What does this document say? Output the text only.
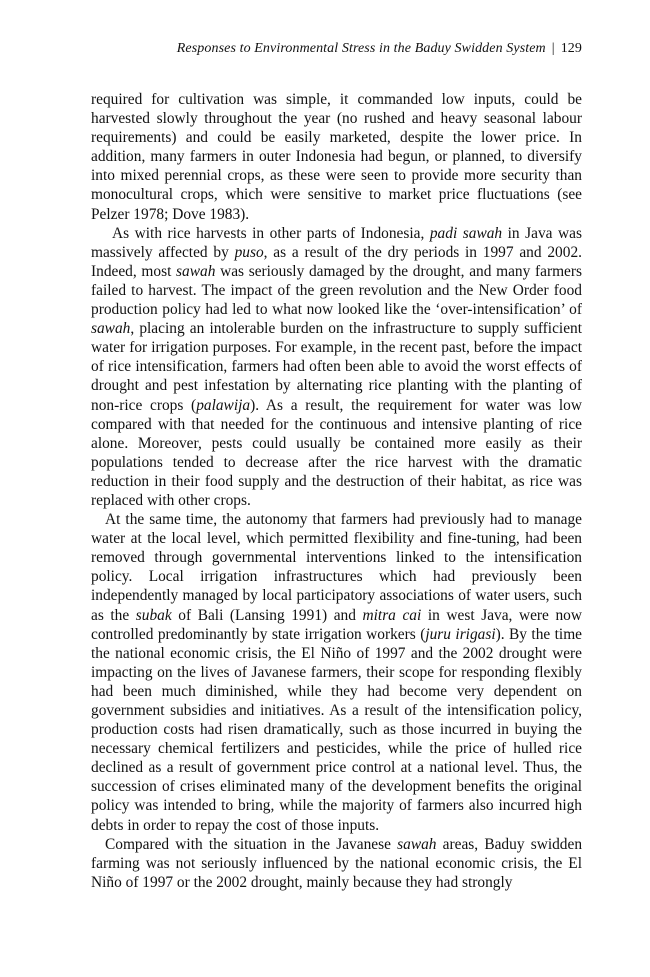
Responses to Environmental Stress in the Baduy Swidden System | 129

required for cultivation was simple, it commanded low inputs, could be harvested slowly throughout the year (no rushed and heavy seasonal labour requirements) and could be easily marketed, despite the lower price. In addition, many farmers in outer Indonesia had begun, or planned, to diversify into mixed perennial crops, as these were seen to provide more security than monocultural crops, which were sensitive to market price fluctuations (see Pelzer 1978; Dove 1983).

As with rice harvests in other parts of Indonesia, padi sawah in Java was massively affected by puso, as a result of the dry periods in 1997 and 2002. Indeed, most sawah was seriously damaged by the drought, and many farmers failed to harvest. The impact of the green revolution and the New Order food production policy had led to what now looked like the ‘over-intensification’ of sawah, placing an intolerable burden on the infrastructure to supply sufficient water for irrigation purposes. For example, in the recent past, before the impact of rice intensification, farmers had often been able to avoid the worst effects of drought and pest infestation by alternating rice planting with the planting of non-rice crops (palawija). As a result, the requirement for water was low compared with that needed for the continuous and intensive planting of rice alone. Moreover, pests could usually be contained more easily as their populations tended to decrease after the rice harvest with the dramatic reduction in their food supply and the destruction of their habitat, as rice was replaced with other crops.

At the same time, the autonomy that farmers had previously had to manage water at the local level, which permitted flexibility and fine-tuning, had been removed through governmental interventions linked to the intensification policy. Local irrigation infrastructures which had previously been independently managed by local participatory associations of water users, such as the subak of Bali (Lansing 1991) and mitra cai in west Java, were now controlled predominantly by state irrigation workers (juru irigasi). By the time the national economic crisis, the El Niño of 1997 and the 2002 drought were impacting on the lives of Javanese farmers, their scope for responding flexibly had been much diminished, while they had become very dependent on government subsidies and initiatives. As a result of the intensification policy, production costs had risen dramatically, such as those incurred in buying the necessary chemical fertilizers and pesticides, while the price of hulled rice declined as a result of government price control at a national level. Thus, the succession of crises eliminated many of the development benefits the original policy was intended to bring, while the majority of farmers also incurred high debts in order to repay the cost of those inputs.

Compared with the situation in the Javanese sawah areas, Baduy swidden farming was not seriously influenced by the national economic crisis, the El Niño of 1997 or the 2002 drought, mainly because they had strongly
